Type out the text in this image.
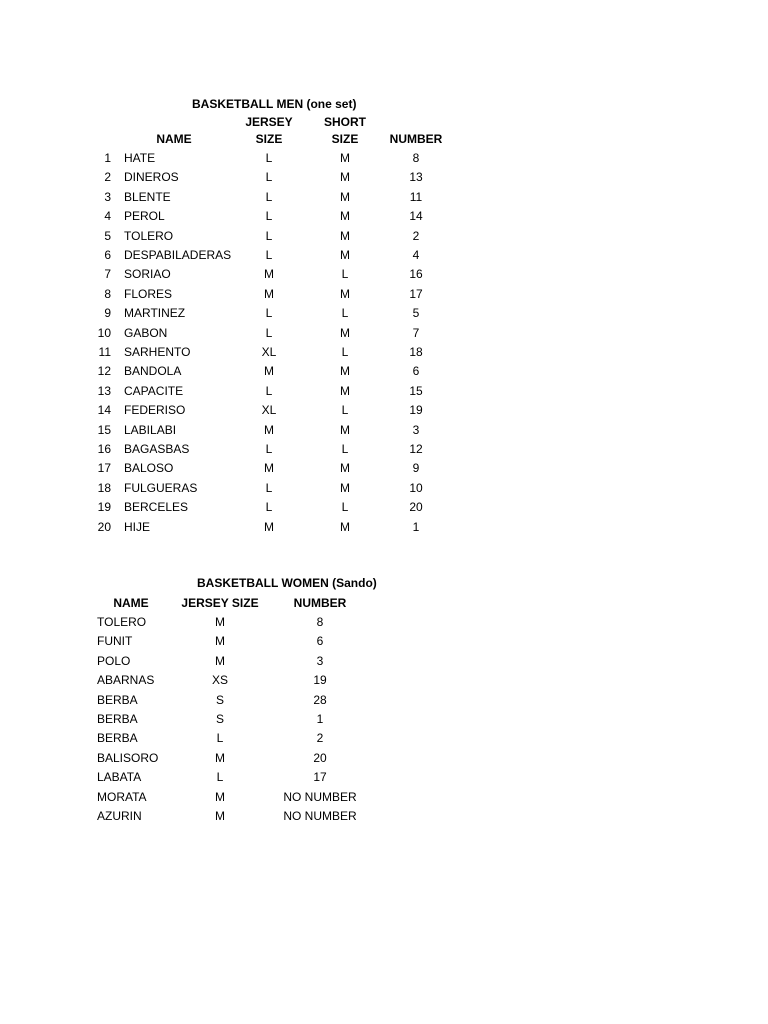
BASKETBALL MEN (one set)
JERSEY	SHORT
NAME	SIZE	SIZE	NUMBER
1 HATE	L	M	8
2 DINEROS	L	M	13
3 BLENTE	L	M	11
4 PEROL	L	M	14
5 TOLERO	L	M	2
6 DESPABILADERAS	L	M	4
7 SORIAO	M	L	16
8 FLORES	M	M	17
9 MARTINEZ	L	L	5
10 GABON	L	M	7
11 SARHENTO	XL	L	18
12 BANDOLA	M	M	6
13 CAPACITE	L	M	15
14 FEDERISO	XL	L	19
15 LABILABI	M	M	3
16 BAGASBAS	L	L	12
17 BALOSO	M	M	9
18 FULGUERAS	L	M	10
19 BERCELES	L	L	20
20 HIJE	M	M	1
BASKETBALL WOMEN (Sando)
NAME	JERSEY SIZE	NUMBER
TOLERO	M	8
FUNIT	M	6
POLO	M	3
ABARNAS	XS	19
BERBA	S	28
BERBA	S	1
BERBA	L	2
BALISORO	M	20
LABATA	L	17
MORATA	M	NO NUMBER
AZURIN	M	NO NUMBER
